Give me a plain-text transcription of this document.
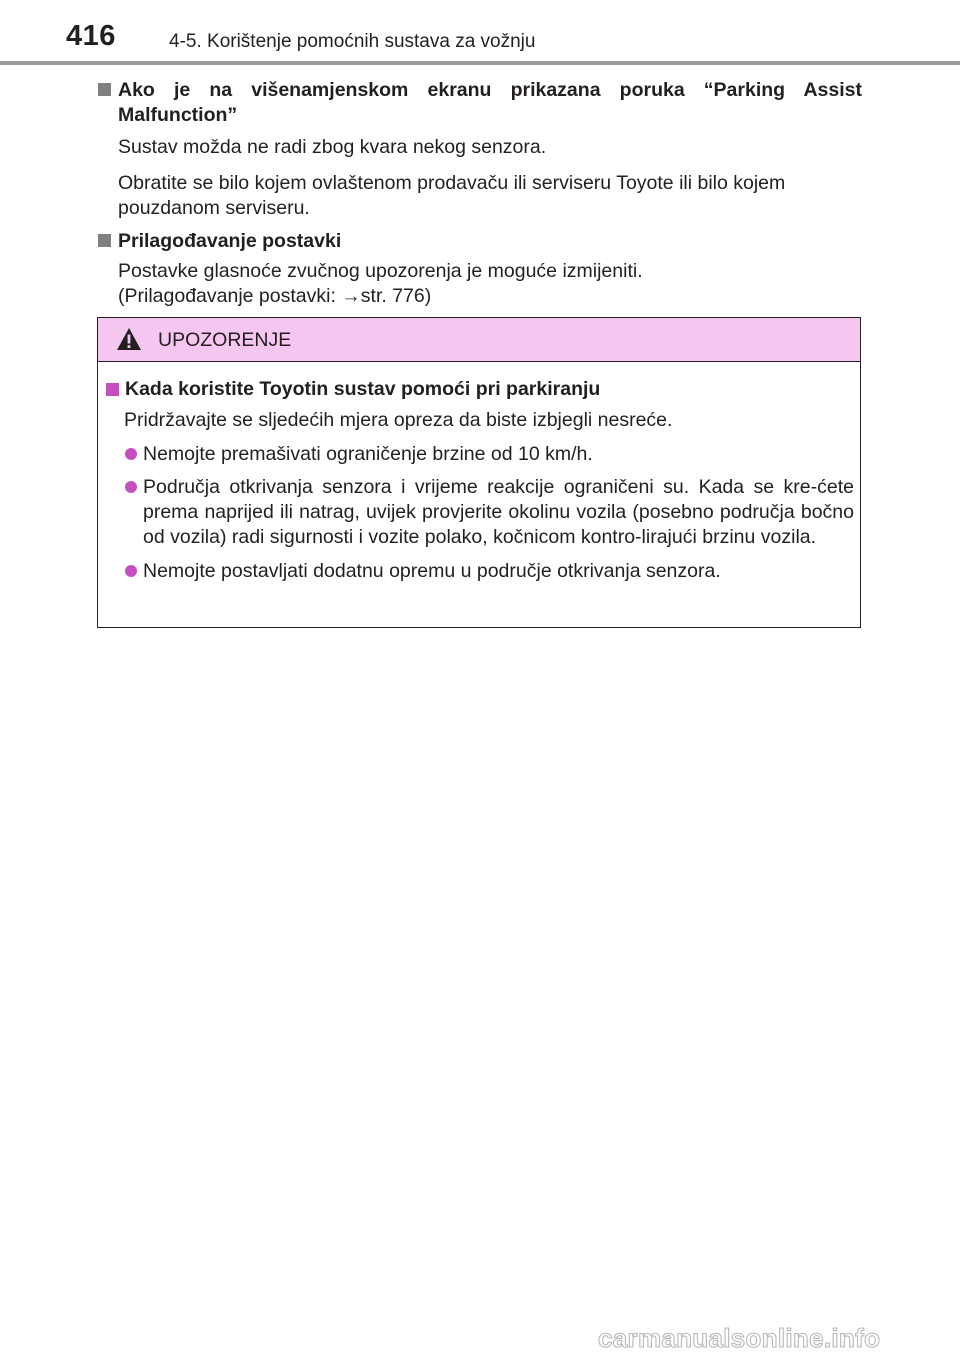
416	4-5. Korištenje pomoćnih sustava za vožnju
Ako je na višenamjenskom ekranu prikazana poruka “Parking Assist
Malfunction”
Sustav možda ne radi zbog kvara nekog senzora.
Obratite se bilo kojem ovlaštenom prodavaču ili serviseru Toyote ili bilo kojem pouzdanom serviseru.
Prilagođavanje postavki
Postavke glasnoće zvučnog upozorenja je moguće izmijeniti.
(Prilagođavanje postavki: →str. 776)
UPOZORENJE
Kada koristite Toyotin sustav pomoći pri parkiranju
Pridržavajte se sljedećih mjera opreza da biste izbjegli nesreće.
Nemojte premašivati ograničenje brzine od 10 km/h.
Područja otkrivanja senzora i vrijeme reakcije ograničeni su. Kada se kre-ćete prema naprijed ili natrag, uvijek provjerite okolinu vozila (posebno područja bočno od vozila) radi sigurnosti i vozite polako, kočnicom kontro-lirajući brzinu vozila.
Nemojte postavljati dodatnu opremu u područje otkrivanja senzora.
carmanualsonline.info
